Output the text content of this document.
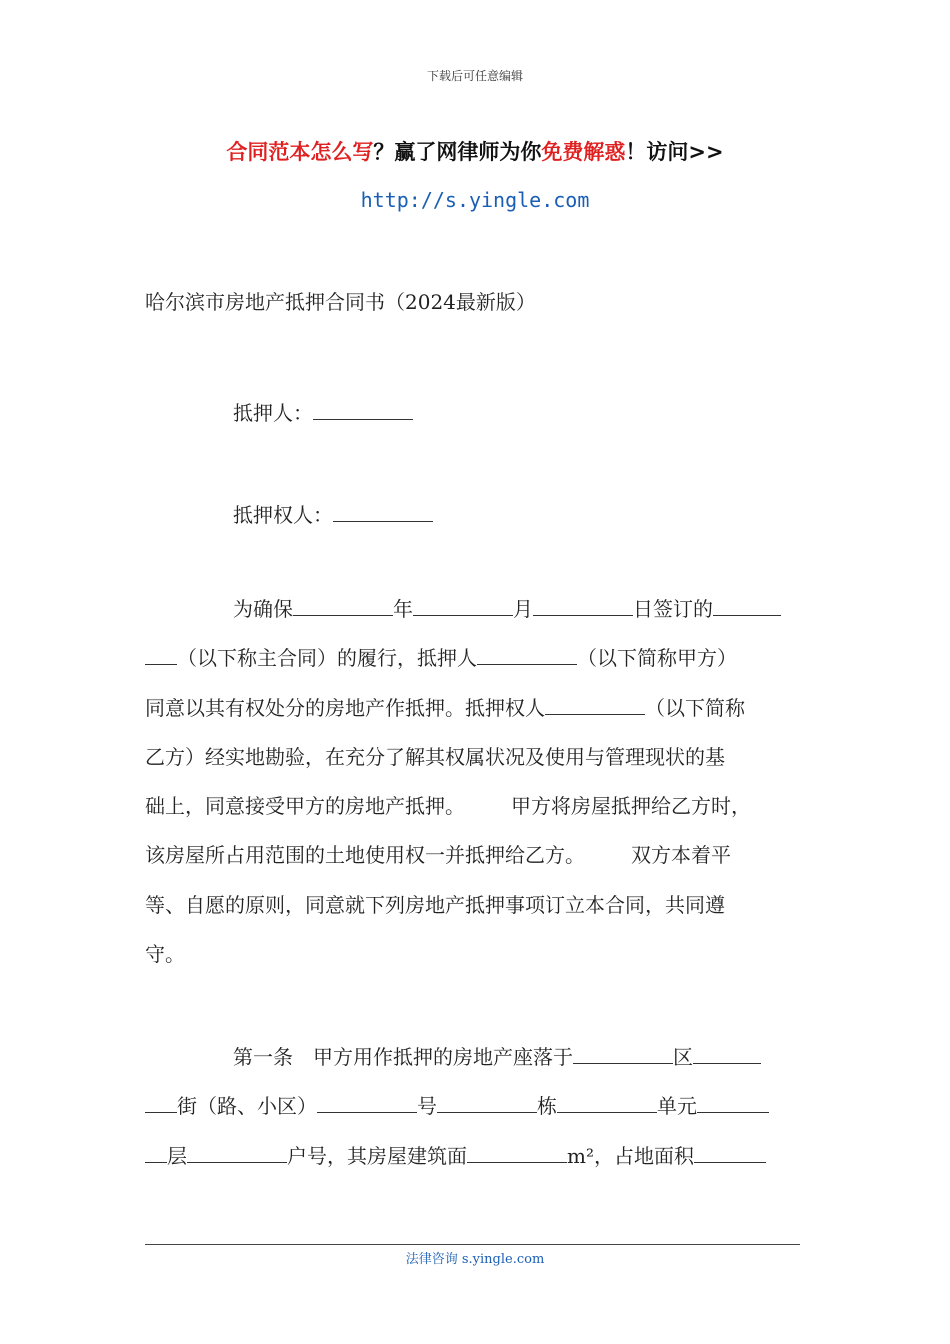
下载后可任意编辑
合同范本怎么写？赢了网律师为你免费解惑！访问>>
http://s.yingle.com
哈尔滨市房地产抵押合同书（2024最新版）
抵押人：
抵押权人：
为确保	年	月	日签订的
（以下称主合同）的履行，抵押人	（以下简称甲方）
同意以其有权处分的房地产作抵押。抵押权人	（以下简称
乙方）经实地勘验，在充分了解其权属状况及使用与管理现状的基
础上，同意接受甲方的房地产抵押。 甲方将房屋抵押给乙方时，
该房屋所占用范围的土地使用权一并抵押给乙方。 双方本着平
等、自愿的原则，同意就下列房地产抵押事项订立本合同，共同遵
守。
第一条　甲方用作抵押的房地产座落于	区
街（路、小区）	号	栋	单元
层	户号，其房屋建筑面	m²，占地面积
法律咨询 s.yingle.com
